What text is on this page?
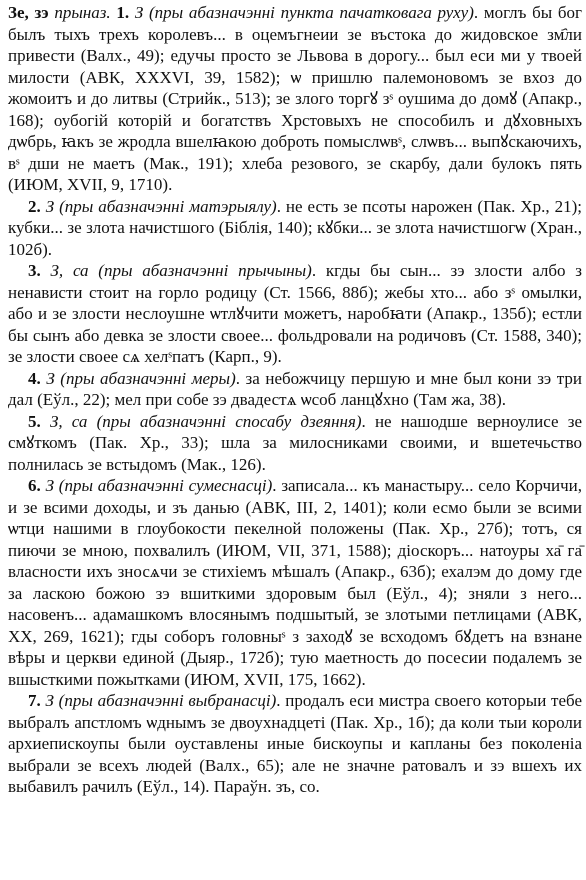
Зе, зэ прыназ. 1. З (пры абазначэнні пункта пачатковага руху). моглъ бы бог былъ тыхъ трехъ королевъ... в оцемъгнеии зе въстока до жидовское зм҄ли привести (Валх., 49); едучы просто зе Львова в дорогу... был еси ми у твоей милости (АВК, XXXVI, 39, 1582); ѡ пришлю палемоновомъ зе вхоз до жомоитъ и до литвы (Стрийк., 513); зе злого торгꙋ зˢ оушима до домꙋ (Апакр., 168); оубогій которій и богатствъ Хрстовыхъ не способилъ и дꙋховныхъ дѡбрь, ꙗкъ зе жродла вшелꙗкою доброть помыслѡвˢ, слѡвъ... выпꙋскаючихъ, вˢ дши не маетъ (Мак., 191); хлеба резового, зе скарбу, дали булокъ пять (ИЮМ, XVII, 9, 1710).

2. З (пры абазначэнні матэрыялу). не есть зе псоты нарожен (Пак. Хр., 21); кубки... зе злота начистшого (Біблія, 140); кꙋбки... зе злота начистшогѡ (Хран., 102б).

3. З, са (пры абазначэнні прычыны). кгды бы сын... зэ злости албо з ненависти стоит на горло родицу (Ст. 1566, 88б); жебы хто... або зˢ омылки, або и зе злости неслоушне ѡтлꙋчити можетъ, наробꙗти (Апакр., 135б); естли бы сынъ або девка зе злости своее... фольдровали на родичовъ (Ст. 1588, 340); зе злости своее сѧ хелˢпатъ (Карп., 9).

4. З (пры абазначэнні меры). за небожчицу першую и мне был кони зэ три дал (Еўл., 22); мел при собе зэ двадестѧ ѡсоб ланцꙋхно (Там жа, 38).

5. З, са (пры абазначэнні спосабу дзеяння). не нашодше верноулисе зе смꙋткомъ (Пак. Хр., 33); шла за милосниками своими, и вшетечьство полнилась зе встыдомъ (Мак., 126).

6. З (пры абазначэнні сумеснасці). записала... къ манастыру... село Корчичи, и зе всими доходы, и зъ данью (АВК, III, 2, 1401); коли есмо были зе всими ѡтци нашими в глоубокости пекелной положены (Пак. Хр., 27б); тотъ, ся пиючи зе мною, похвалилъ (ИЮМ, VII, 371, 1588); діоскоръ... натоуры ха̄ га̄ власности ихъ зносѧчи зе стихіемъ мѣшалъ (Апакр., 63б); ехалэм до дому где за ласкою божою зэ вшиткими здоровым был (Еўл., 4); зняли з него... насовенъ... адамашкомъ влосянымъ подшытый, зе злотыми петлицами (АВК, XX, 269, 1621); гды соборъ головныˢ з заходꙋ зе всходомъ бꙋдетъ на взнане вѣры и церкви единой (Дыяр., 172б); тую маетность до посесии подалемъ зе вшысткими пожытками (ИЮМ, XVII, 175, 1662).

7. З (пры абазначэнні выбранасці). продалъ еси мистра своего которыи тебе выбралъ апстломъ ѡднымъ зе двоухнадцеті (Пак. Хр., 1б); да коли тыи короли архиепискоупы были оуставлены иные бискоупы и капланы без поколеніа выбрали зе всехъ людей (Валх., 65); але не значне ратовалъ и зэ вшехъ их выбавилъ рачилъ (Еўл., 14). Параўн. зъ, со.
